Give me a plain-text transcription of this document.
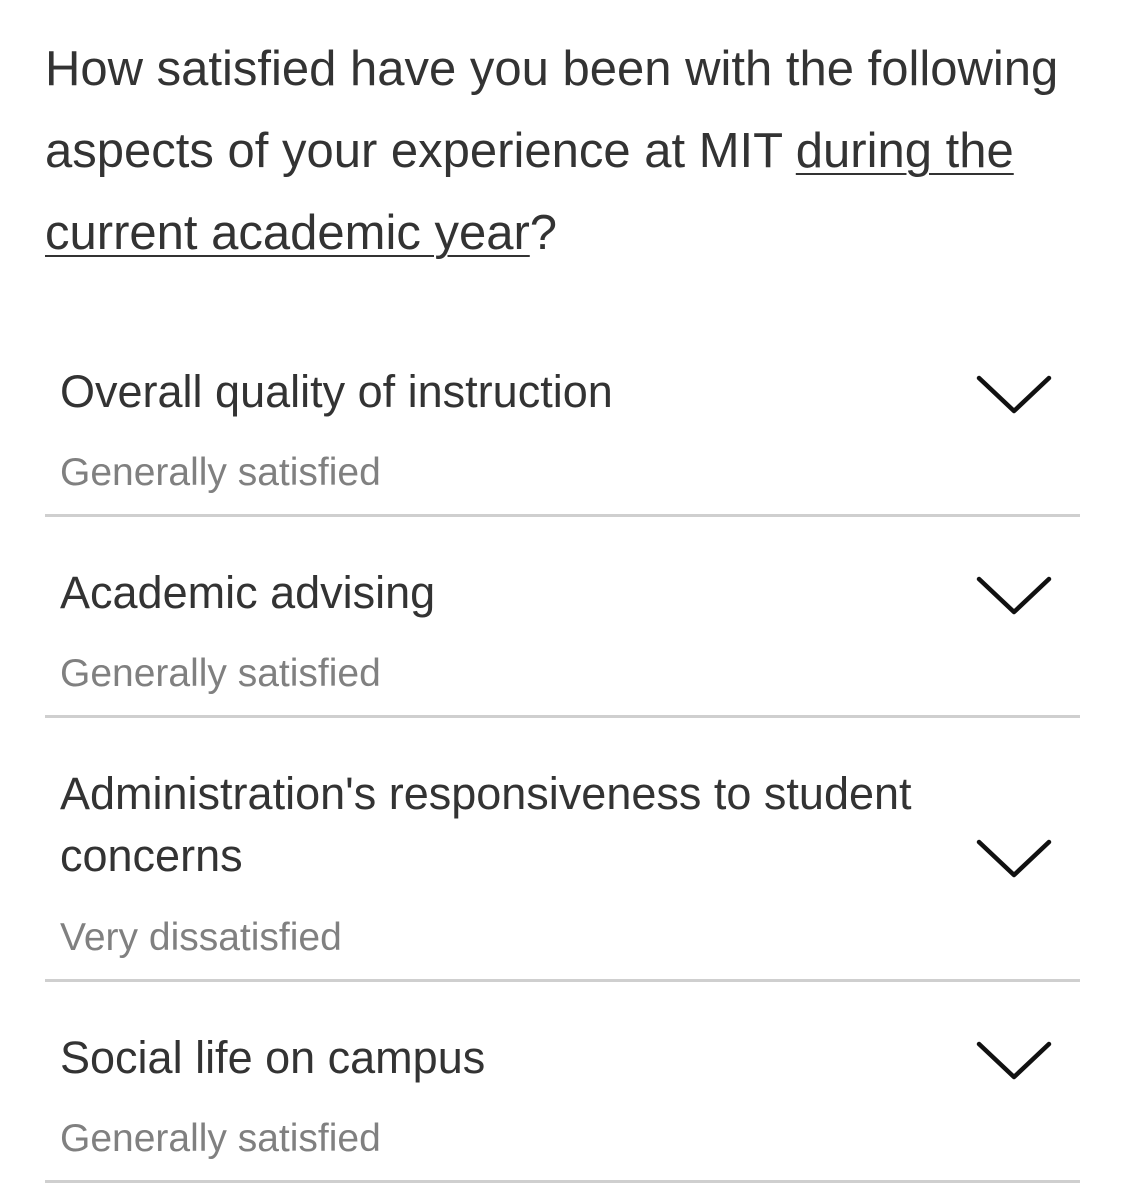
How satisfied have you been with the following aspects of your experience at MIT during the current academic year?

Overall quality of instruction
Generally satisfied
Academic advising
Generally satisfied
Administration's responsiveness to student concerns
Very dissatisfied
Social life on campus
Generally satisfied
